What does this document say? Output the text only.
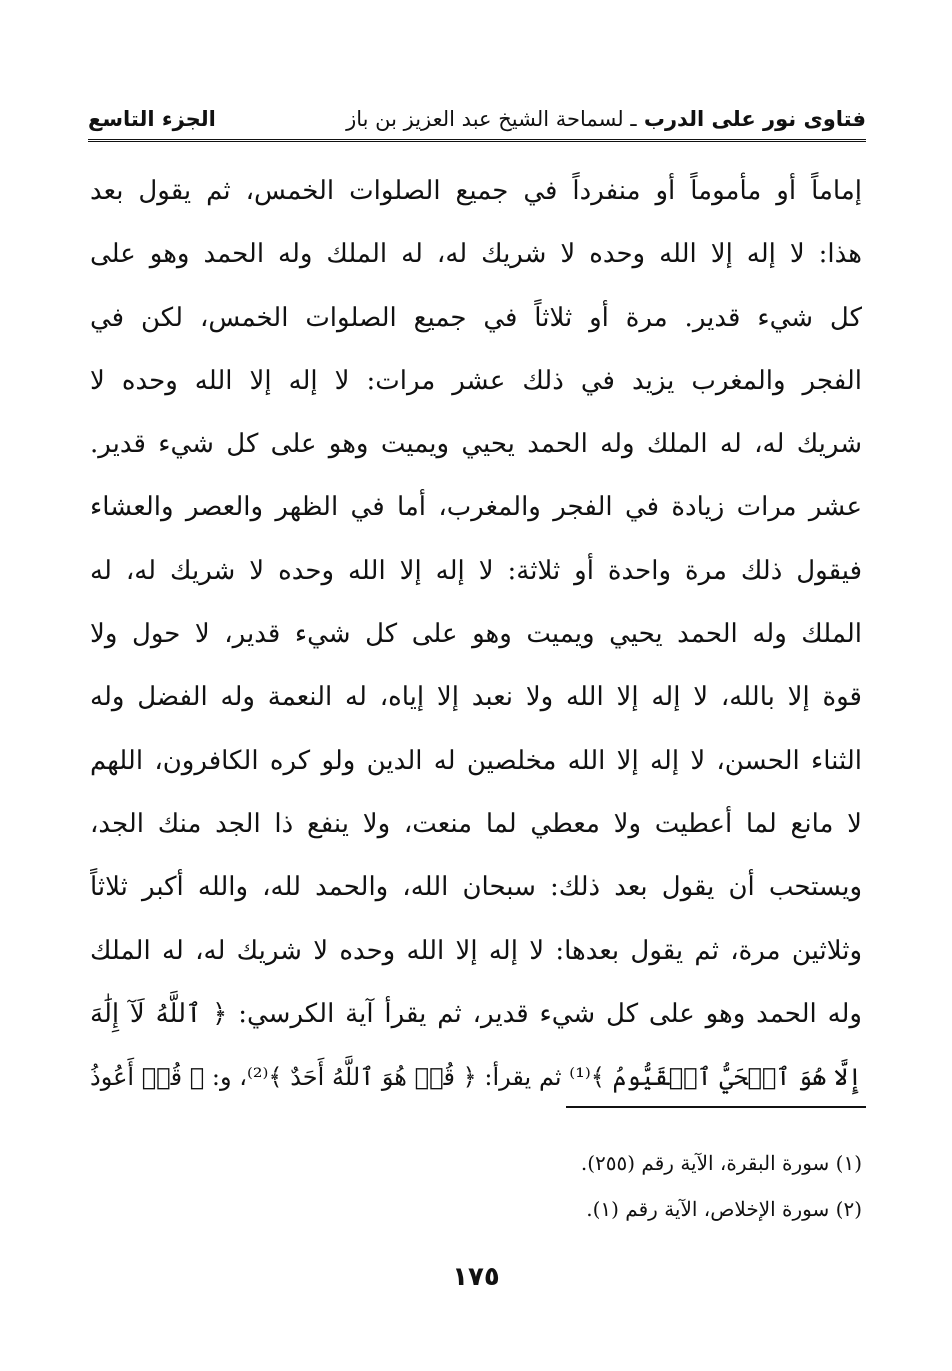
فتاوى نور على الدرب ـ لسماحة الشيخ عبد العزيز بن باز
الجزء التاسع
إماماً أو مأموماً أو منفرداً في جميع الصلوات الخمس، ثم يقول بعد
هذا: لا إله إلا الله وحده لا شريك له، له الملك وله الحمد وهو على
كل شيء قدير. مرة أو ثلاثاً في جميع الصلوات الخمس، لكن في
الفجر والمغرب يزيد في ذلك عشر مرات: لا إله إلا الله وحده لا
شريك له، له الملك وله الحمد يحيي ويميت وهو على كل شيء قدير.
عشر مرات زيادة في الفجر والمغرب، أما في الظهر والعصر والعشاء
فيقول ذلك مرة واحدة أو ثلاثة: لا إله إلا الله وحده لا شريك له، له
الملك وله الحمد يحيي ويميت وهو على كل شيء قدير، لا حول ولا
قوة إلا بالله، لا إله إلا الله ولا نعبد إلا إياه، له النعمة وله الفضل وله
الثناء الحسن، لا إله إلا الله مخلصين له الدين ولو كره الكافرون، اللهم
لا مانع لما أعطيت ولا معطي لما منعت، ولا ينفع ذا الجد منك الجد،
ويستحب أن يقول بعد ذلك: سبحان الله، والحمد لله، والله أكبر ثلاثاً
وثلاثين مرة، ثم يقول بعدها: لا إله إلا الله وحده لا شريك له، له الملك
وله الحمد وهو على كل شيء قدير، ثم يقرأ آية الكرسي: ﴿ ٱللَّهُ لَآ إِلَٰهَ
إِلَّا هُوَ ٱلۡحَيُّ ٱلۡقَيُّومُ ﴾⁽¹⁾ ثم يقرأ: ﴿ قُلۡ هُوَ ٱللَّهُ أَحَدٌ ﴾⁽²⁾، و: ﴿ قُلۡ أَعُوذُ
(١) سورة البقرة، الآية رقم (٢٥٥).
(٢) سورة الإخلاص، الآية رقم (١).
١٧٥
